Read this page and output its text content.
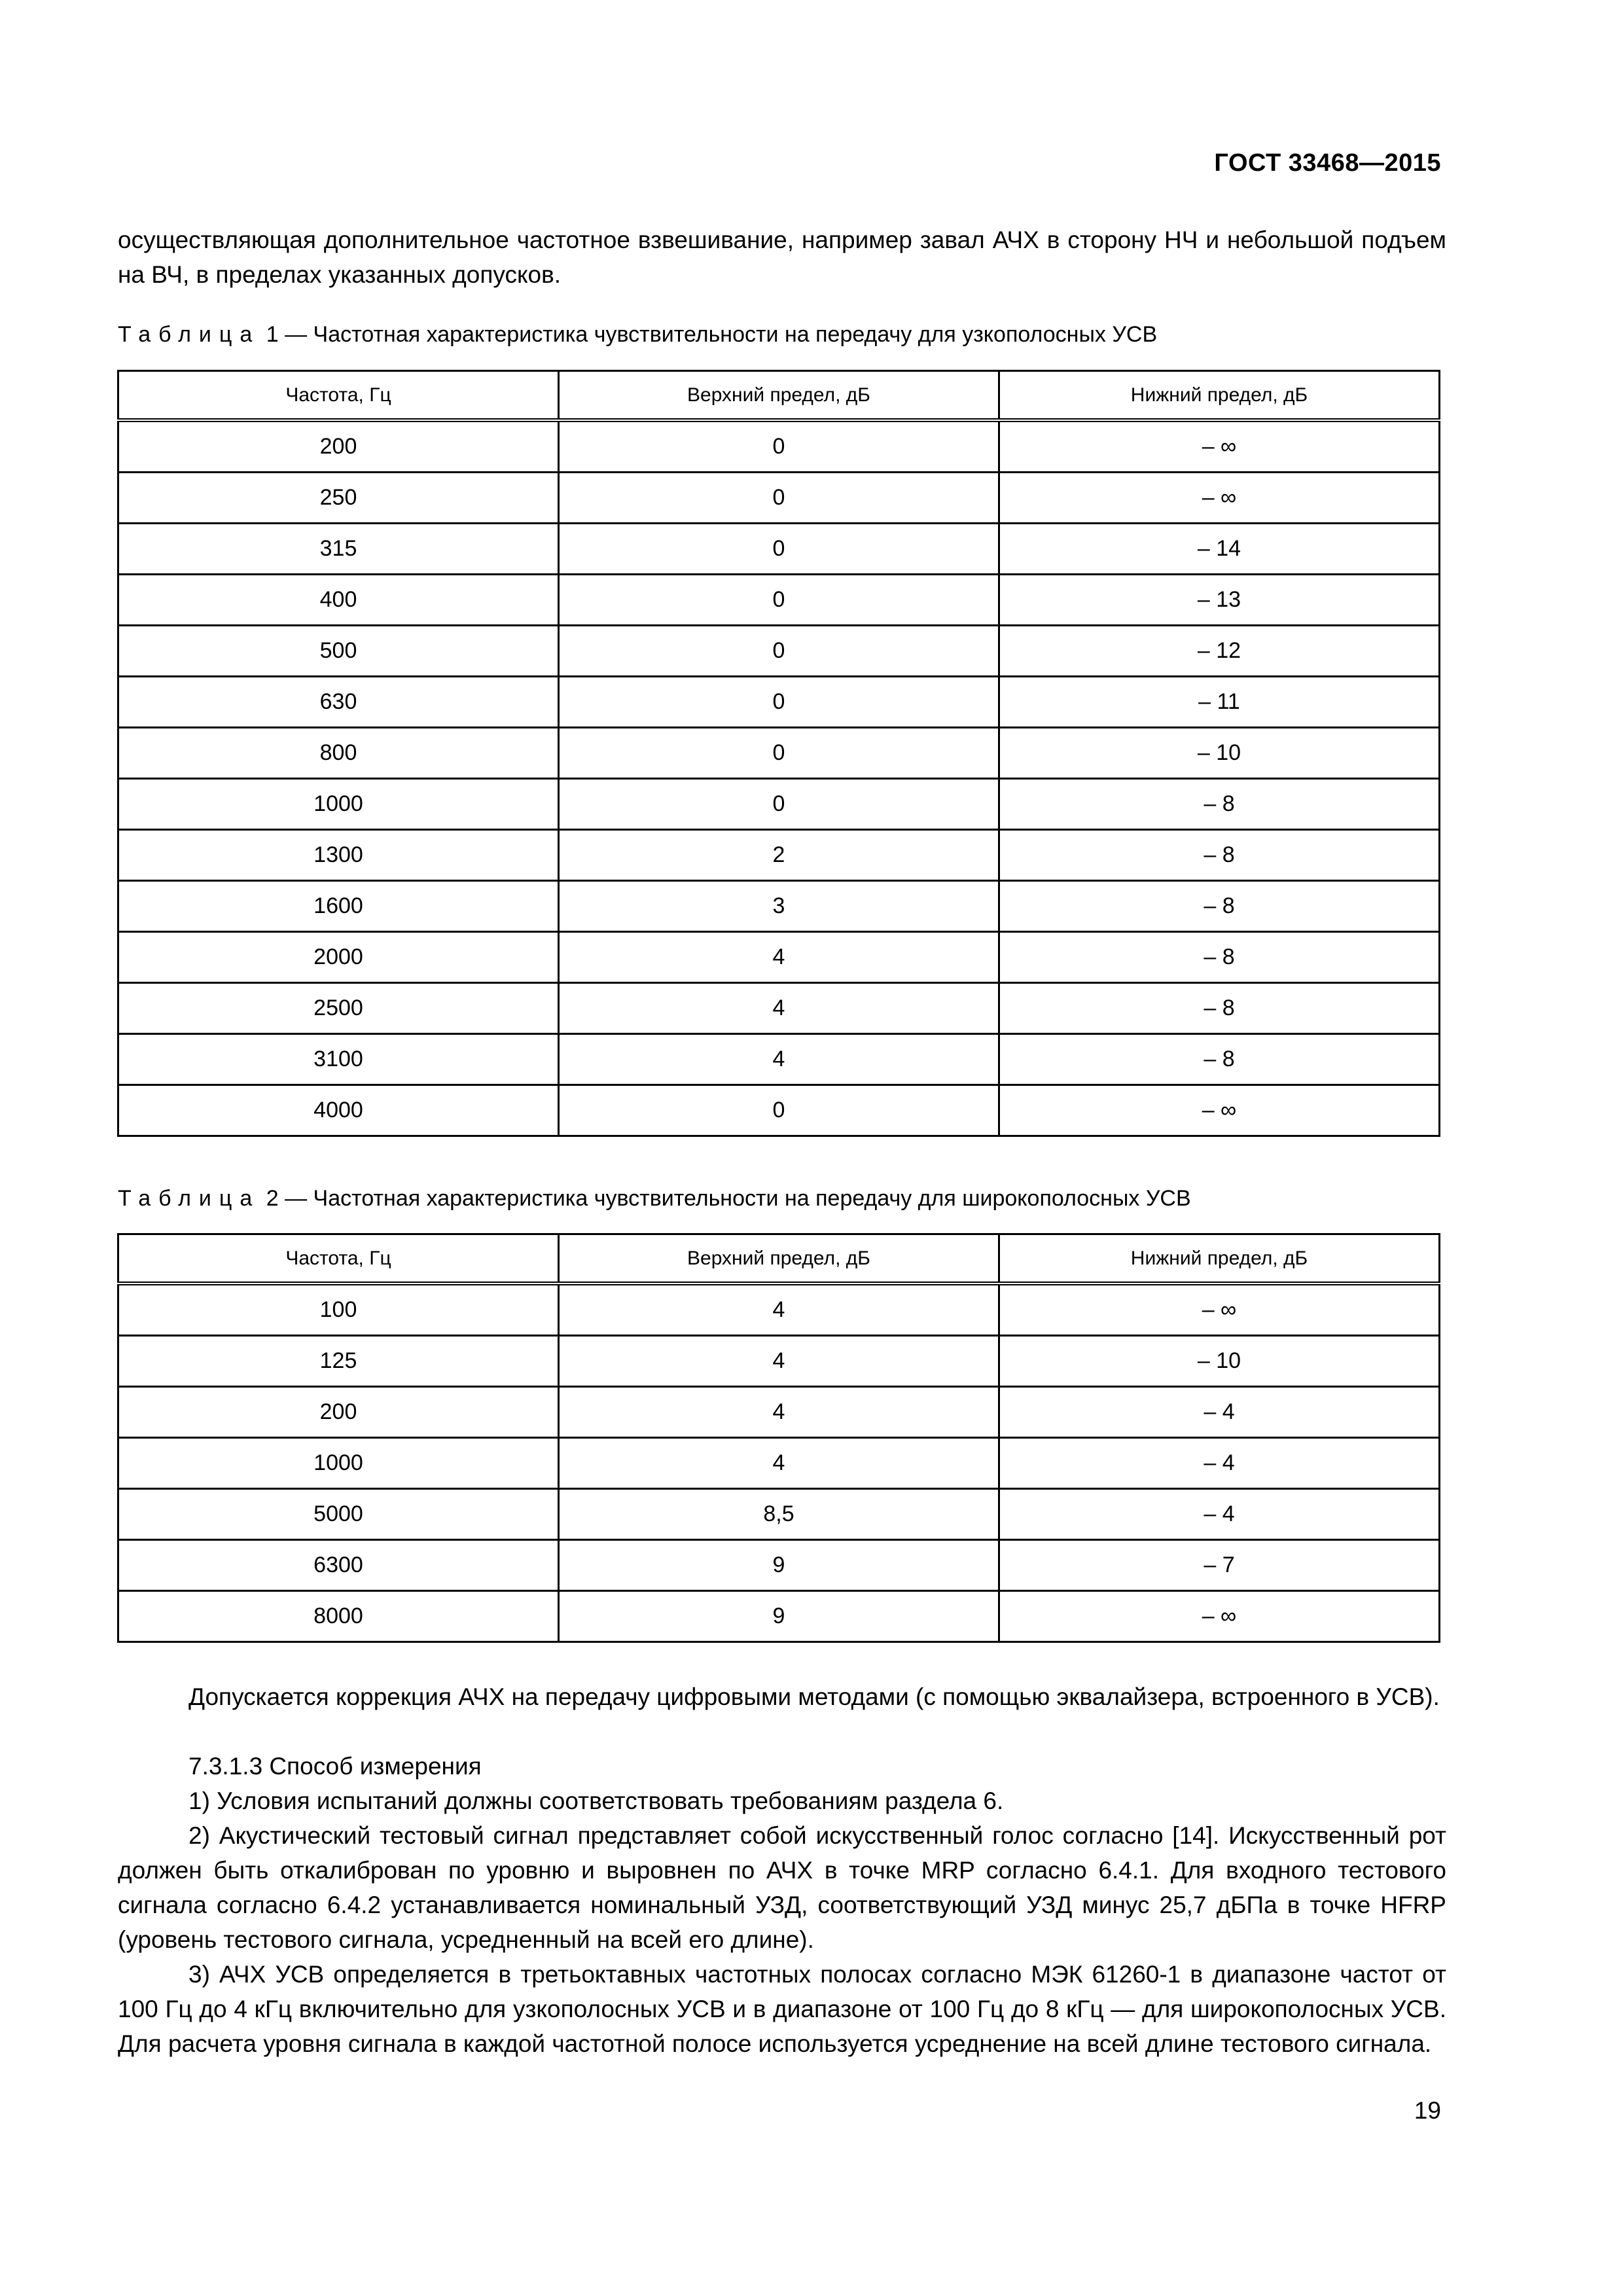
ГОСТ 33468—2015

осуществляющая дополнительное частотное взвешивание, например завал АЧХ в сторону НЧ и небольшой подъем на ВЧ, в пределах указанных допусков.

Таблица 1 — Частотная характеристика чувствительности на передачу для узкополосных УСВ
Частота, Гц	Верхний предел, дБ	Нижний предел, дБ
200	0	– ∞
250	0	– ∞
315	0	– 14
400	0	– 13
500	0	– 12
630	0	– 11
800	0	– 10
1000	0	– 8
1300	2	– 8
1600	3	– 8
2000	4	– 8
2500	4	– 8
3100	4	– 8
4000	0	– ∞
Таблица 2 — Частотная характеристика чувствительности на передачу для широкополосных УСВ
Частота, Гц	Верхний предел, дБ	Нижний предел, дБ
100	4	– ∞
125	4	– 10
200	4	– 4
1000	4	– 4
5000	8,5	– 4
6300	9	– 7
8000	9	– ∞

Допускается коррекция АЧХ на передачу цифровыми методами (с помощью эквалайзера, встроенного в УСВ).

7.3.1.3 Способ измерения

1) Условия испытаний должны соответствовать требованиям раздела 6.

2) Акустический тестовый сигнал представляет собой искусственный голос согласно [14]. Искусственный рот должен быть откалиброван по уровню и выровнен по АЧХ в точке MRP согласно 6.4.1. Для входного тестового сигнала согласно 6.4.2 устанавливается номинальный УЗД, соответствующий УЗД минус 25,7 дБПа в точке HFRP (уровень тестового сигнала, усредненный на всей его длине).

3) АЧХ УСВ определяется в третьоктавных частотных полосах согласно МЭК 61260-1 в диапазоне частот от 100 Гц до 4 кГц включительно для узкополосных УСВ и в диапазоне от 100 Гц до 8 кГц — для широкополосных УСВ. Для расчета уровня сигнала в каждой частотной полосе используется усреднение на всей длине тестового сигнала.

19
